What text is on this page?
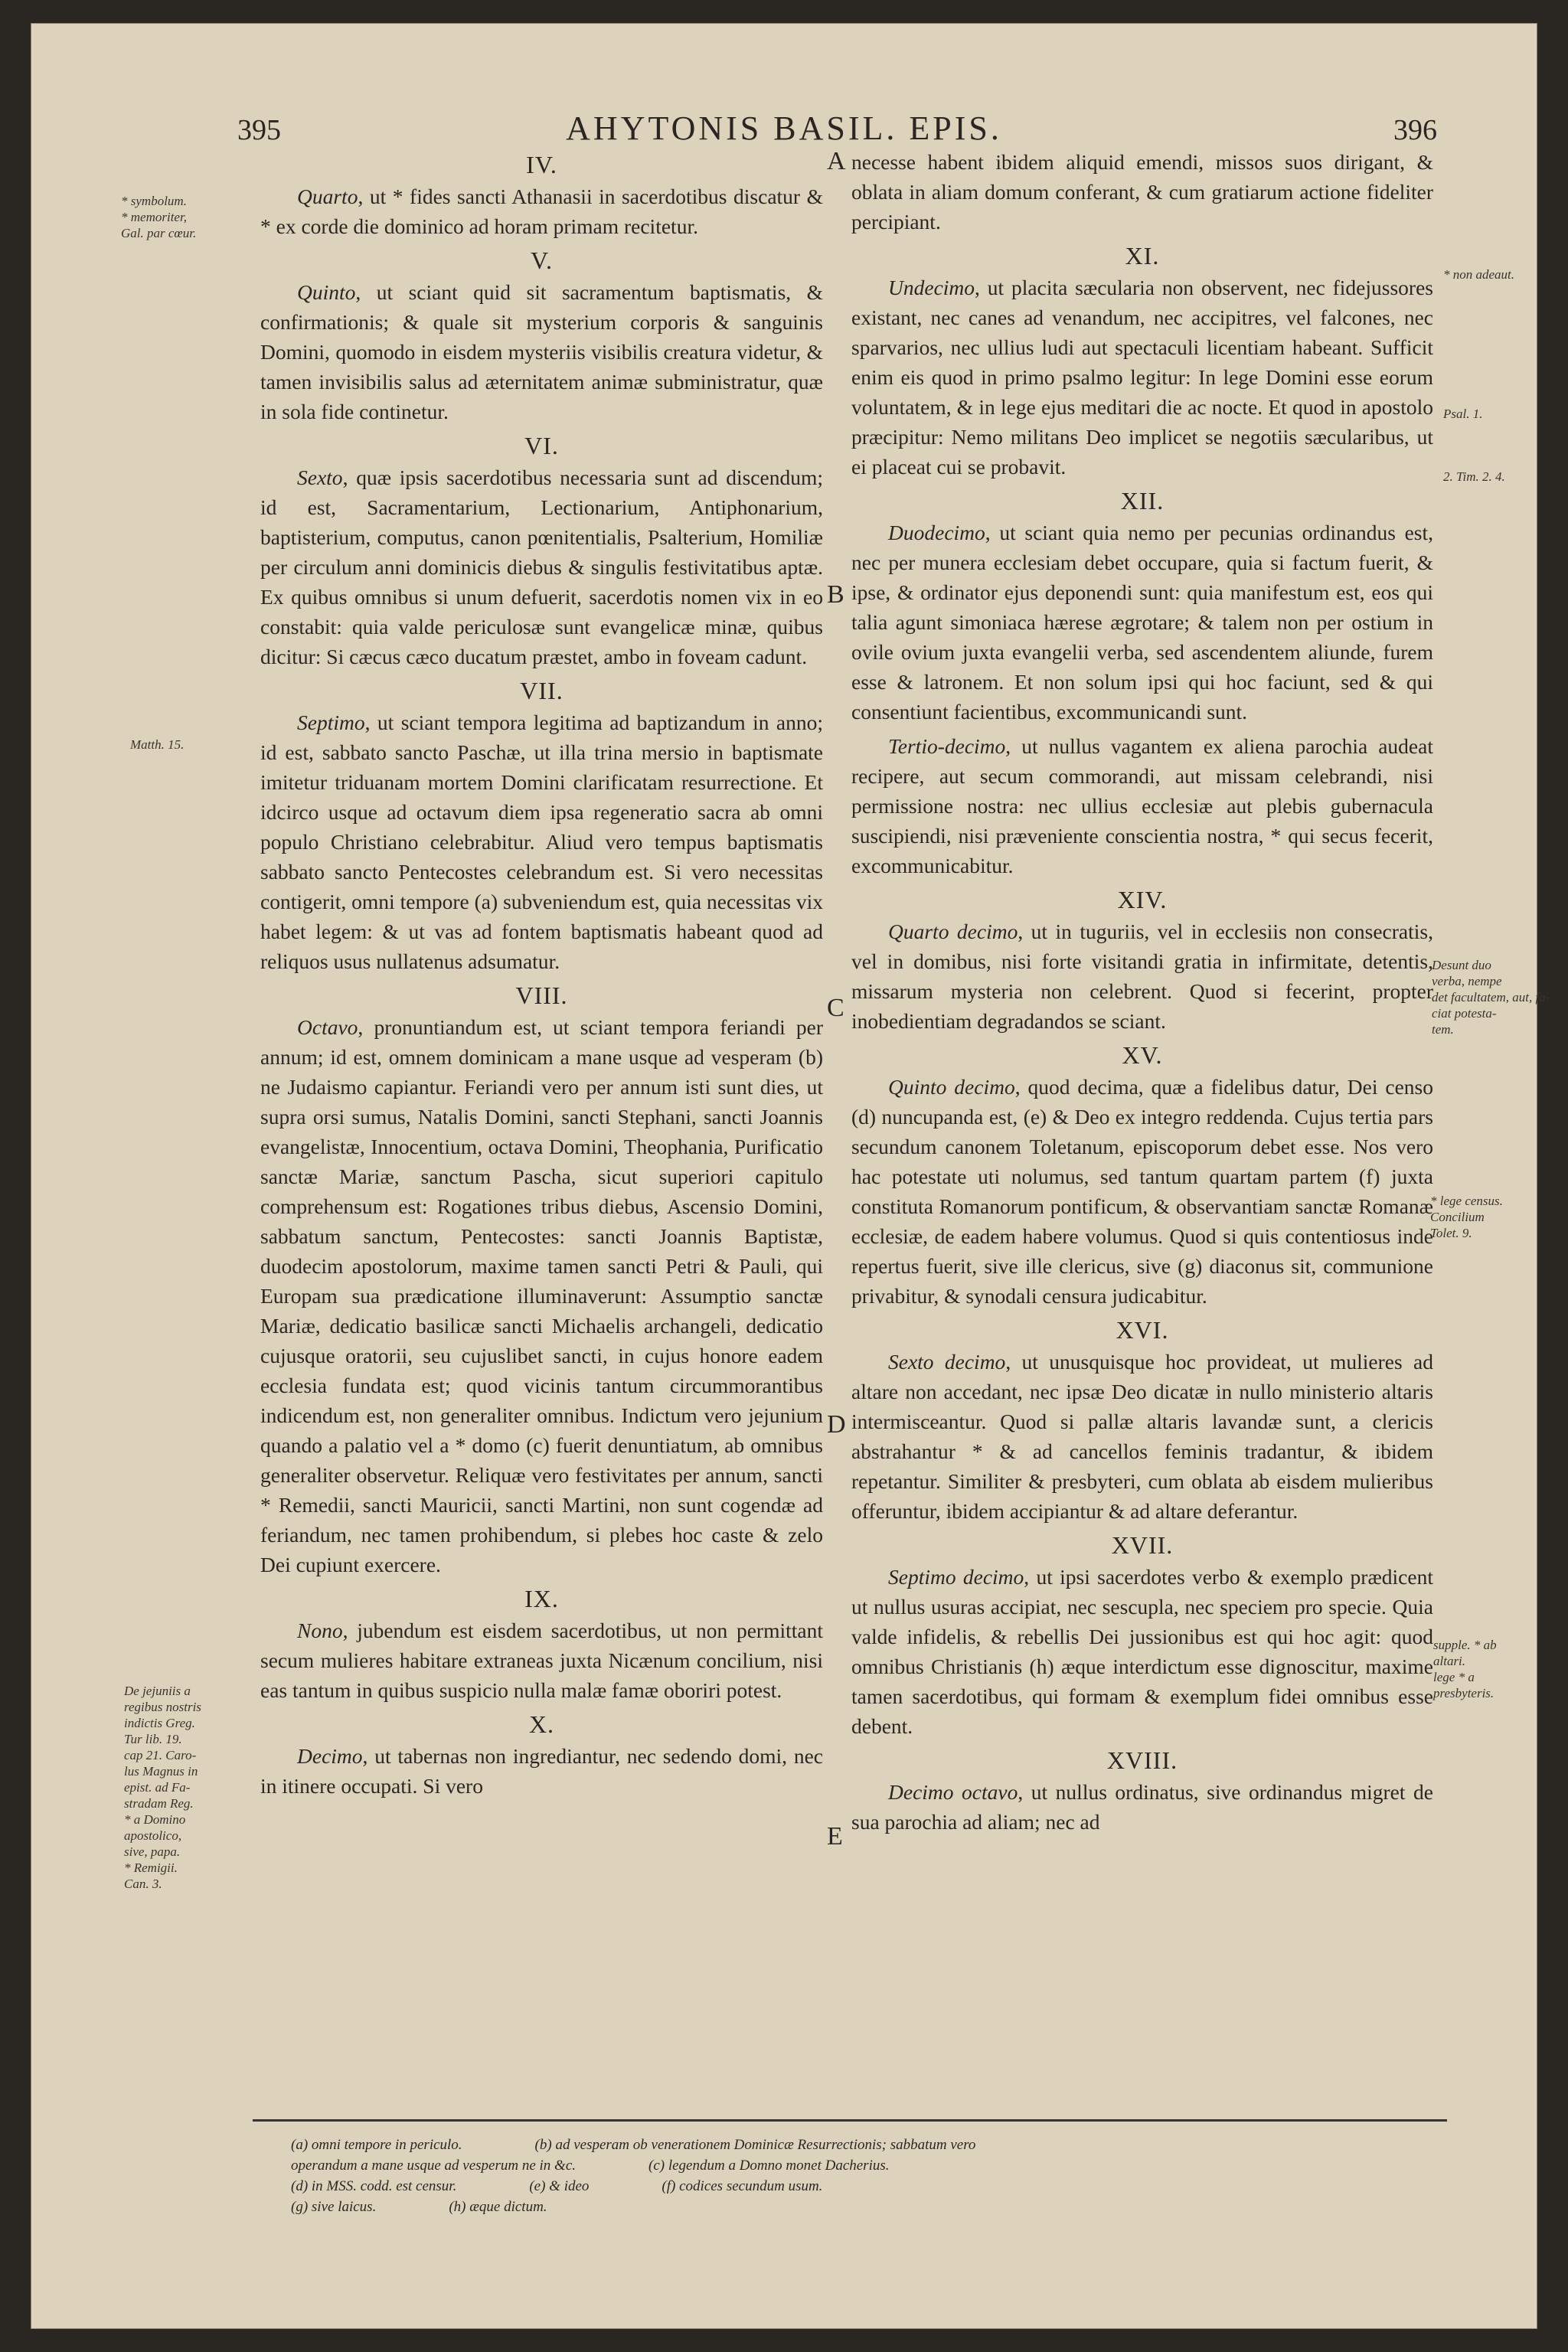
395	AHYTONIS BASIL. EPIS.	396
IV.

Quarto, ut * fides sancti Athanasii in sacerdotibus discatur & * ex corde die dominico ad horam primam recitetur.

V.

Quinto, ut sciant quid sit sacramentum baptismatis, & confirmationis; & quale sit mysterium corporis & sanguinis Domini, quomodo in eisdem mysteriis visibilis creatura videtur, & tamen invisibilis salus ad æternitatem animæ subministratur, quæ in sola fide continetur.

VI.

Sexto, quæ ipsis sacerdotibus necessaria sunt ad discendum; id est, Sacramentarium, Lectionarium, Antiphonarium, baptisterium, computus, canon pœnitentialis, Psalterium, Homiliæ per circulum anni dominicis diebus & singulis festivitatibus aptæ. Ex quibus omnibus si unum defuerit, sacerdotis nomen vix in eo constabit: quia valde periculosæ sunt evangelicæ minæ, quibus dicitur: Si cæcus cæco ducatum præstet, ambo in foveam cadunt.

VII.

Septimo, ut sciant tempora legitima ad baptizandum in anno; id est, sabbato sancto Paschæ, ut illa trina mersio in baptismate imitetur triduanam mortem Domini clarificatam resurrectione. Et idcirco usque ad octavum diem ipsa regeneratio sacra ab omni populo Christiano celebrabitur. Aliud vero tempus baptismatis sabbato sancto Pentecostes celebrandum est. Si vero necessitas contigerit, omni tempore (a) subveniendum est, quia necessitas vix habet legem: & ut vas ad fontem baptismatis habeant quod ad reliquos usus nullatenus adsumatur.

VIII.

Octavo, pronuntiandum est, ut sciant tempora feriandi per annum; id est, omnem dominicam a mane usque ad vesperam (b) ne Judaismo capiantur. Feriandi vero per annum isti sunt dies, ut supra orsi sumus, Natalis Domini, sancti Stephani, sancti Joannis evangelistæ, Innocentium, octava Domini, Theophania, Purificatio sanctæ Mariæ, sanctum Pascha, sicut superiori capitulo comprehensum est: Rogationes tribus diebus, Ascensio Domini, sabbatum sanctum, Pentecostes: sancti Joannis Baptistæ, duodecim apostolorum, maxime tamen sancti Petri & Pauli, qui Europam sua prædicatione illuminaverunt: Assumptio sanctæ Mariæ, dedicatio basilicæ sancti Michaelis archangeli, dedicatio cujusque oratorii, seu cujuslibet sancti, in cujus honore eadem ecclesia fundata est; quod vicinis tantum circummorantibus indicendum est, non generaliter omnibus. Indictum vero jejunium quando a palatio vel a * domo (c) fuerit denuntiatum, ab omnibus generaliter observetur. Reliquæ vero festivitates per annum, sancti * Remedii, sancti Mauricii, sancti Martini, non sunt cogendæ ad feriandum, nec tamen prohibendum, si plebes hoc caste & zelo Dei cupiunt exercere.

IX.

Nono, jubendum est eisdem sacerdotibus, ut non permittant secum mulieres habitare extraneas juxta Nicænum concilium, nisi eas tantum in quibus suspicio nulla malæ famæ oboriri potest.

X.

Decimo, ut tabernas non ingrediantur, nec sedendo domi, nec in itinere occupati. Si vero

necesse habent ibidem aliquid emendi, missos suos dirigant, & oblata in aliam domum conferant, & cum gratiarum actione fideliter percipiant.

XI.

Undecimo, ut placita sæcularia non observent, nec fidejussores existant, nec canes ad venandum, nec accipitres, vel falcones, nec sparvarios, nec ullius ludi aut spectaculi licentiam habeant. Sufficit enim eis quod in primo psalmo legitur: In lege Domini esse eorum voluntatem, & in lege ejus meditari die ac nocte. Et quod in apostolo præcipitur: Nemo militans Deo implicet se negotiis sæcularibus, ut ei placeat cui se probavit.

XII.

Duodecimo, ut sciant quia nemo per pecunias ordinandus est, nec per munera ecclesiam debet occupare, quia si factum fuerit, & ipse, & ordinator ejus deponendi sunt: quia manifestum est, eos qui talia agunt simoniaca hærese ægrotare; & talem non per ostium in ovile ovium juxta evangelii verba, sed ascendentem aliunde, furem esse & latronem. Et non solum ipsi qui hoc faciunt, sed & qui consentiunt facientibus, excommunicandi sunt.

Tertio-decimo, ut nullus vagantem ex aliena parochia audeat recipere, aut secum commorandi, aut missam celebrandi, nisi permissione nostra: nec ullius ecclesiæ aut plebis gubernacula suscipiendi, nisi præveniente conscientia nostra, * qui secus fecerit, excommunicabitur.

XIV.

Quarto decimo, ut in tuguriis, vel in ecclesiis non consecratis, vel in domibus, nisi forte visitandi gratia in infirmitate, detentis, missarum mysteria non celebrent. Quod si fecerint, propter inobedientiam degradandos se sciant.

XV.

Quinto decimo, quod decima, quæ a fidelibus datur, Dei censo (d) nuncupanda est, (e) & Deo ex integro reddenda. Cujus tertia pars secundum canonem Toletanum, episcoporum debet esse. Nos vero hac potestate uti nolumus, sed tantum quartam partem (f) juxta constituta Romanorum pontificum, & observantiam sanctæ Romanæ ecclesiæ, de eadem habere volumus. Quod si quis contentiosus inde repertus fuerit, sive ille clericus, sive (g) diaconus sit, communione privabitur, & synodali censura judicabitur.

XVI.

Sexto decimo, ut unusquisque hoc provideat, ut mulieres ad altare non accedant, nec ipsæ Deo dicatæ in nullo ministerio altaris intermisceantur. Quod si pallæ altaris lavandæ sunt, a clericis abstrahantur * & ad cancellos feminis tradantur, & ibidem repetantur. Similiter & presbyteri, cum oblata ab eisdem mulieribus offeruntur, ibidem accipiantur & ad altare deferantur.

XVII.

Septimo decimo, ut ipsi sacerdotes verbo & exemplo prædicent ut nullus usuras accipiat, nec sescupla, nec speciem pro specie. Quia valde infidelis, & rebellis Dei jussionibus est qui hoc agit: quod omnibus Christianis (h) æque interdictum esse dignoscitur, maxime tamen sacerdotibus, qui formam & exemplum fidei omnibus esse debent.

XVIII.

Decimo octavo, ut nullus ordinatus, sive ordinandus migret de sua parochia ad aliam; nec ad

A
B
C
D
E
* symbolum.
* memoriter,
Gal. par cœur.
Matth. 15.
De jejuniis a
regibus nostris
indictis Greg.
Tur lib. 19.
cap 21. Caro-
lus Magnus in
epist. ad Fa-
stradam Reg.
* a Domino
apostolico,
sive, papa.
* Remigii.
Can. 3.
* non adeaut.
Psal. 1.
2. Tim. 2. 4.
Desunt duo
verba, nempe
det facultatem, aut, fa-
ciat potesta-
tem.
* lege census.
Concilium
Tolet. 9.
supple. * ab
altari.
lege * a
presbyteris.
(a) omni tempore in periculo.                    (b) ad vesperam ob venerationem Dominicæ Resurrectionis; sabbatum vero
operandum a mane usque ad vesperum ne in &c.                    (c) legendum a Domno monet Dacherius.
(d) in MSS. codd. est censur.                    (e) & ideo                    (f) codices secundum usum.
(g) sive laicus.                    (h) æque dictum.
